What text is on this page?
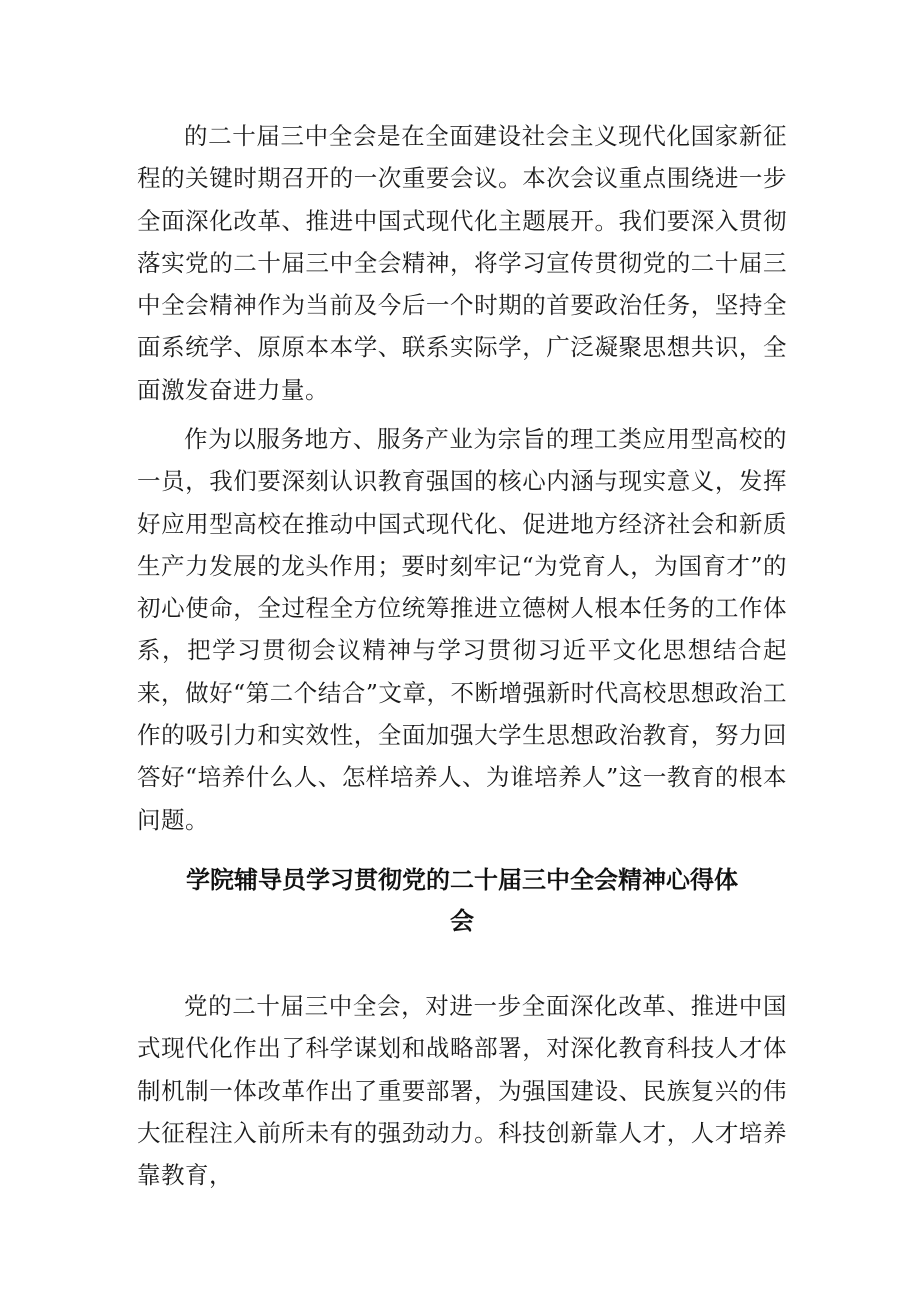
的二十届三中全会是在全面建设社会主义现代化国家新征程的关键时期召开的一次重要会议。本次会议重点围绕进一步全面深化改革、推进中国式现代化主题展开。我们要深入贯彻落实党的二十届三中全会精神，将学习宣传贯彻党的二十届三中全会精神作为当前及今后一个时期的首要政治任务，坚持全面系统学、原原本本学、联系实际学，广泛凝聚思想共识，全面激发奋进力量。

作为以服务地方、服务产业为宗旨的理工类应用型高校的一员，我们要深刻认识教育强国的核心内涵与现实意义，发挥好应用型高校在推动中国式现代化、促进地方经济社会和新质生产力发展的龙头作用；要时刻牢记“为党育人，为国育才”的初心使命，全过程全方位统筹推进立德树人根本任务的工作体系，把学习贯彻会议精神与学习贯彻习近平文化思想结合起来，做好“第二个结合”文章，不断增强新时代高校思想政治工作的吸引力和实效性，全面加强大学生思想政治教育，努力回答好“培养什么人、怎样培养人、为谁培养人”这一教育的根本问题。

学院辅导员学习贯彻党的二十届三中全会精神心得体
会

党的二十届三中全会，对进一步全面深化改革、推进中国式现代化作出了科学谋划和战略部署，对深化教育科技人才体制机制一体改革作出了重要部署，为强国建设、民族复兴的伟大征程注入前所未有的强劲动力。科技创新靠人才，人才培养靠教育，
